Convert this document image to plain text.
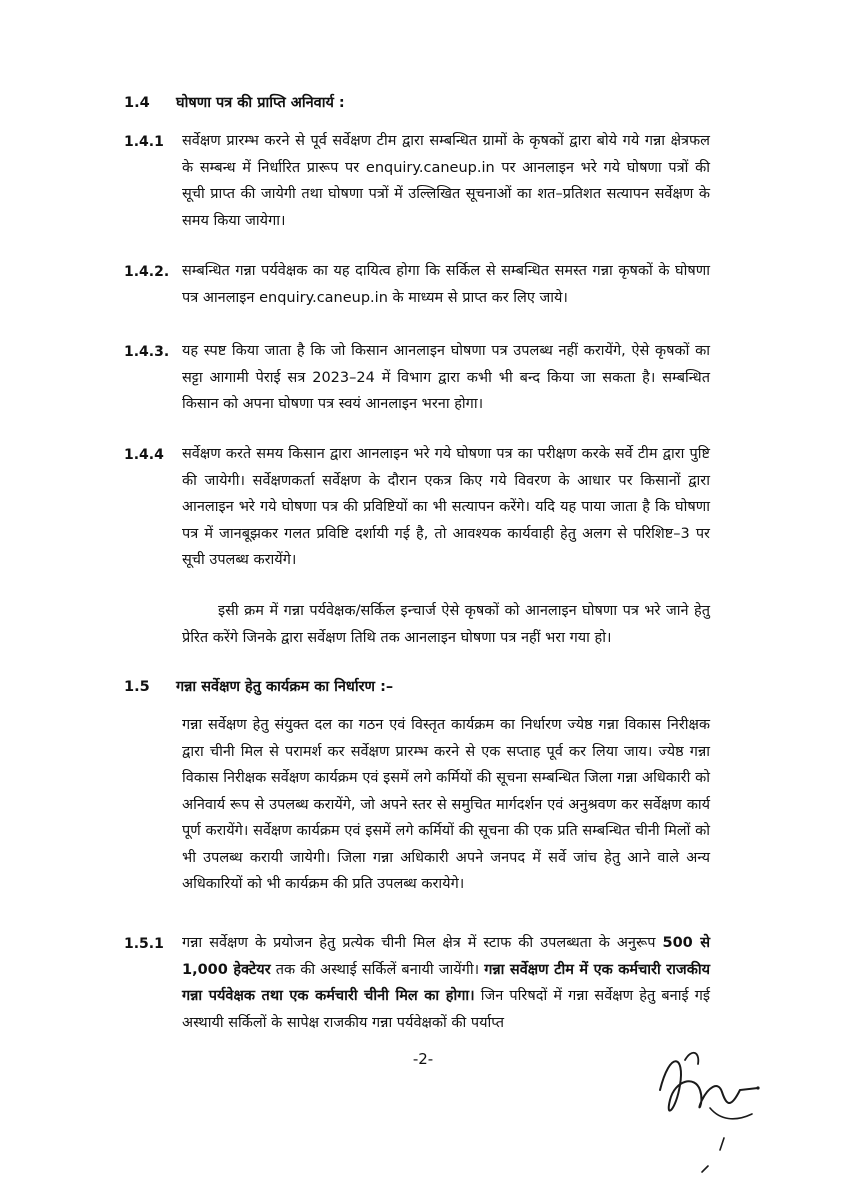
1.4 घोषणा पत्र की प्राप्ति अनिवार्य :
1.4.1 सर्वेक्षण प्रारम्भ करने से पूर्व सर्वेक्षण टीम द्वारा सम्बन्धित ग्रामों के कृषकों द्वारा बोये गये गन्ना क्षेत्रफल के सम्बन्ध में निर्धारित प्रारूप पर enquiry.caneup.in पर आनलाइन भरे गये घोषणा पत्रों की सूची प्राप्त की जायेगी तथा घोषणा पत्रों में उल्लिखित सूचनाओं का शत–प्रतिशत सत्यापन सर्वेक्षण के समय किया जायेगा।
1.4.2. सम्बन्धित गन्ना पर्यवेक्षक का यह दायित्व होगा कि सर्किल से सम्बन्धित समस्त गन्ना कृषकों के घोषणा पत्र आनलाइन enquiry.caneup.in के माध्यम से प्राप्त कर लिए जाये।
1.4.3. यह स्पष्ट किया जाता है कि जो किसान आनलाइन घोषणा पत्र उपलब्ध नहीं करायेंगे, ऐसे कृषकों का सट्टा आगामी पेराई सत्र 2023–24 में विभाग द्वारा कभी भी बन्द किया जा सकता है। सम्बन्धित किसान को अपना घोषणा पत्र स्वयं आनलाइन भरना होगा।
1.4.4 सर्वेक्षण करते समय किसान द्वारा आनलाइन भरे गये घोषणा पत्र का परीक्षण करके सर्वे टीम द्वारा पुष्टि की जायेगी। सर्वेक्षणकर्ता सर्वेक्षण के दौरान एकत्र किए गये विवरण के आधार पर किसानों द्वारा आनलाइन भरे गये घोषणा पत्र की प्रविष्टियों का भी सत्यापन करेंगे। यदि यह पाया जाता है कि घोषणा पत्र में जानबूझकर गलत प्रविष्टि दर्शायी गई है, तो आवश्यक कार्यवाही हेतु अलग से परिशिष्ट–3 पर सूची उपलब्ध करायेंगे।
इसी क्रम में गन्ना पर्यवेक्षक/सर्किल इन्चार्ज ऐसे कृषकों को आनलाइन घोषणा पत्र भरे जाने हेतु प्रेरित करेंगे जिनके द्वारा सर्वेक्षण तिथि तक आनलाइन घोषणा पत्र नहीं भरा गया हो।
1.5 गन्ना सर्वेक्षण हेतु कार्यक्रम का निर्धारण :–
गन्ना सर्वेक्षण हेतु संयुक्त दल का गठन एवं विस्तृत कार्यक्रम का निर्धारण ज्येष्ठ गन्ना विकास निरीक्षक द्वारा चीनी मिल से परामर्श कर सर्वेक्षण प्रारम्भ करने से एक सप्ताह पूर्व कर लिया जाय। ज्येष्ठ गन्ना विकास निरीक्षक सर्वेक्षण कार्यक्रम एवं इसमें लगे कर्मियों की सूचना सम्बन्धित जिला गन्ना अधिकारी को अनिवार्य रूप से उपलब्ध करायेंगे, जो अपने स्तर से समुचित मार्गदर्शन एवं अनुश्रवण कर सर्वेक्षण कार्य पूर्ण करायेंगे। सर्वेक्षण कार्यक्रम एवं इसमें लगे कर्मियों की सूचना की एक प्रति सम्बन्धित चीनी मिलों को भी उपलब्ध करायी जायेगी। जिला गन्ना अधिकारी अपने जनपद में सर्वे जांच हेतु आने वाले अन्य अधिकारियों को भी कार्यक्रम की प्रति उपलब्ध करायेगे।
1.5.1 गन्ना सर्वेक्षण के प्रयोजन हेतु प्रत्येक चीनी मिल क्षेत्र में स्टाफ की उपलब्धता के अनुरूप 500 से 1,000 हेक्टेयर तक की अस्थाई सर्किलें बनायी जायेंगी। गन्ना सर्वेक्षण टीम में एक कर्मचारी राजकीय गन्ना पर्यवेक्षक तथा एक कर्मचारी चीनी मिल का होगा। जिन परिषदों में गन्ना सर्वेक्षण हेतु बनाई गई अस्थायी सर्किलों के सापेक्ष राजकीय गन्ना पर्यवेक्षकों की पर्याप्त
-2-
